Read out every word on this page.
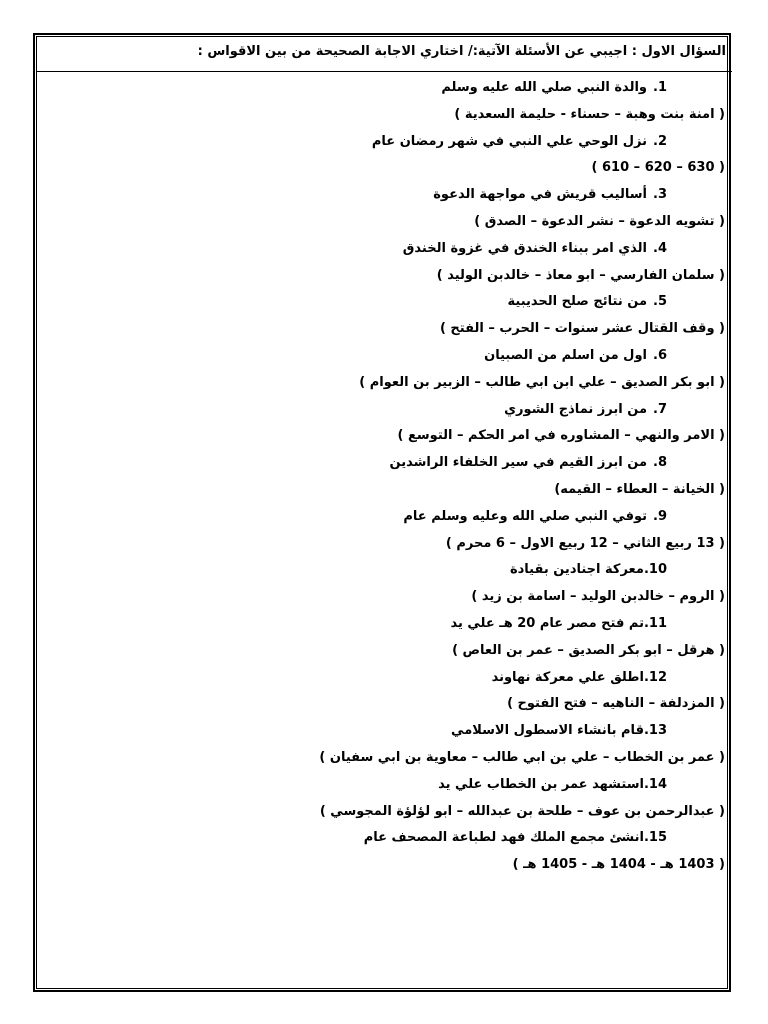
السؤال الاول : اجيبي عن الأسئلة الآتية:/ اختاري الاجابة الصحيحة من بين الاقواس :
1.والدة النبي صلي الله عليه وسلم
( امنة بنت وهبة – حسناء - حليمة السعدية )
2.نزل الوحي علي النبي في شهر رمضان عام
( 630 – 620 – 610 )
3.أساليب قريش في مواجهة الدعوة
( تشويه الدعوة – نشر الدعوة – الصدق )
4.الذي امر ببناء الخندق في غزوة الخندق
( سلمان الفارسي – ابو معاذ – خالدبن الوليد )
5.من نتائج صلح الحديبية
( وقف القتال عشر سنوات – الحرب – الفتح )
6.اول من اسلم من الصبيان
( ابو بكر الصديق – علي ابن ابي طالب – الزبير بن العوام )
7.من ابرز نماذج الشوري
( الامر والنهي – المشاوره في امر الحكم – التوسع )
8.من ابرز القيم في سير الخلفاء الراشدين
( الخيانة – العطاء – القيمه)
9.توفي النبي صلي الله وعليه وسلم عام
( 13 ربيع الثاني – 12 ربيع الاول – 6 محرم )
10.معركة اجنادين بقيادة
( الروم – خالدبن الوليد – اسامة بن زيد )
11.تم فتح مصر عام 20 هـ علي يد
( هرقل – ابو بكر الصديق – عمر بن العاص )
12.اطلق علي معركة نهاوند
( المزدلفة – الناهيه – فتح الفتوح )
13.قام بانشاء الاسطول الاسلامي
( عمر بن الخطاب – علي بن ابي طالب – معاوية بن ابي سفيان )
14.استشهد عمر بن الخطاب علي يد
( عبدالرحمن بن عوف – طلحة بن عبدالله – ابو لؤلؤة المجوسي )
15.انشئ مجمع الملك فهد لطباعة المصحف عام
( 1403 هـ - 1404 هـ - 1405 هـ )
